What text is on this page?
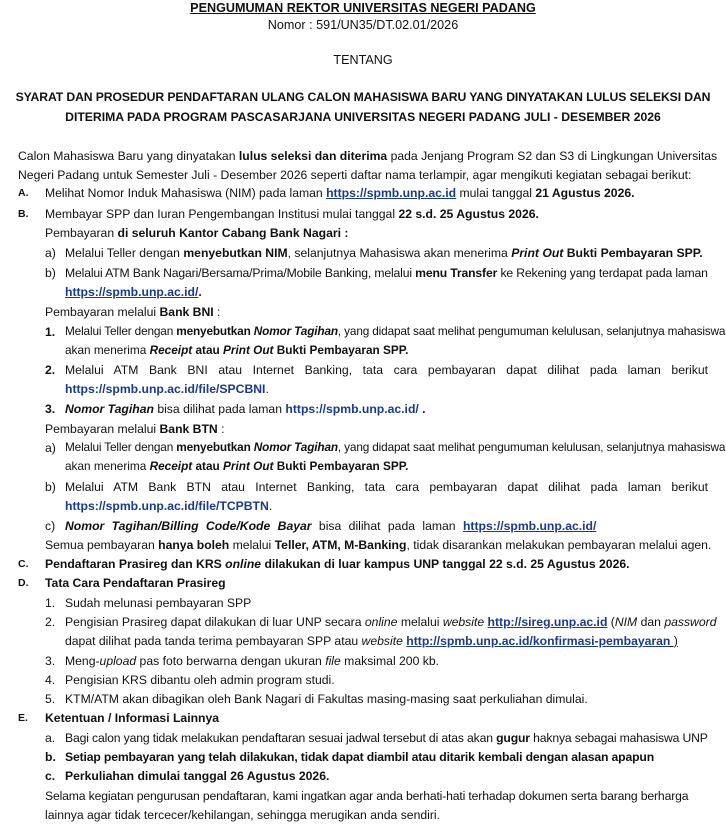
PENGUMUMAN REKTOR UNIVERSITAS NEGERI PADANG
Nomor : 591/UN35/DT.02.01/2026
TENTANG
SYARAT DAN PROSEDUR PENDAFTARAN ULANG CALON MAHASISWA BARU YANG DINYATAKAN LULUS SELEKSI DAN
DITERIMA PADA PROGRAM PASCASARJANA UNIVERSITAS NEGERI PADANG JULI - DESEMBER 2026
Calon Mahasiswa Baru yang dinyatakan lulus seleksi dan diterima pada Jenjang Program S2 dan S3 di Lingkungan Universitas
Negeri Padang untuk Semester Juli - Desember 2026 seperti daftar nama terlampir, agar mengikuti kegiatan sebagai berikut:
A. Melihat Nomor Induk Mahasiswa (NIM) pada laman https://spmb.unp.ac.id mulai tanggal 21 Agustus 2026.
B. Membayar SPP dan Iuran Pengembangan Institusi mulai tanggal 22 s.d. 25 Agustus 2026.
Pembayaran di seluruh Kantor Cabang Bank Nagari :
a) Melalui Teller dengan menyebutkan NIM, selanjutnya Mahasiswa akan menerima Print Out Bukti Pembayaran SPP.
b) Melalui ATM Bank Nagari/Bersama/Prima/Mobile Banking, melalui menu Transfer ke Rekening yang terdapat pada laman
https://spmb.unp.ac.id/.
Pembayaran melalui Bank BNI :
1. Melalui Teller dengan menyebutkan Nomor Tagihan, yang didapat saat melihat pengumuman kelulusan, selanjutnya mahasiswa
akan menerima Receipt atau Print Out Bukti Pembayaran SPP.
2. Melalui ATM Bank BNI atau Internet Banking, tata cara pembayaran dapat dilihat pada laman berikut
https://spmb.unp.ac.id/file/SPCBNI.
3. Nomor Tagihan bisa dilihat pada laman https://spmb.unp.ac.id/ .
Pembayaran melalui Bank BTN :
a) Melalui Teller dengan menyebutkan Nomor Tagihan, yang didapat saat melihat pengumuman kelulusan, selanjutnya mahasiswa
akan menerima Receipt atau Print Out Bukti Pembayaran SPP.
b) Melalui ATM Bank BTN atau Internet Banking, tata cara pembayaran dapat dilihat pada laman berikut
https://spmb.unp.ac.id/file/TCPBTN.
c) Nomor Tagihan/Billing Code/Kode Bayar bisa dilihat pada laman https://spmb.unp.ac.id/
Semua pembayaran hanya boleh melalui Teller, ATM, M-Banking, tidak disarankan melakukan pembayaran melalui agen.
C. Pendaftaran Prasireg dan KRS online dilakukan di luar kampus UNP tanggal 22 s.d. 25 Agustus 2026.
D. Tata Cara Pendaftaran Prasireg
1. Sudah melunasi pembayaran SPP
2. Pengisian Prasireg dapat dilakukan di luar UNP secara online melalui website http://sireg.unp.ac.id (NIM dan password
dapat dilihat pada tanda terima pembayaran SPP atau website http://spmb.unp.ac.id/konfirmasi-pembayaran )
3. Meng-upload pas foto berwarna dengan ukuran file maksimal 200 kb.
4. Pengisian KRS dibantu oleh admin program studi.
5. KTM/ATM akan dibagikan oleh Bank Nagari di Fakultas masing-masing saat perkuliahan dimulai.
E. Ketentuan / Informasi Lainnya
a. Bagi calon yang tidak melakukan pendaftaran sesuai jadwal tersebut di atas akan gugur haknya sebagai mahasiswa UNP
b. Setiap pembayaran yang telah dilakukan, tidak dapat diambil atau ditarik kembali dengan alasan apapun
c. Perkuliahan dimulai tanggal 26 Agustus 2026.
Selama kegiatan pengurusan pendaftaran, kami ingatkan agar anda berhati-hati terhadap dokumen serta barang berharga
lainnya agar tidak tercecer/kehilangan, sehingga merugikan anda sendiri.
